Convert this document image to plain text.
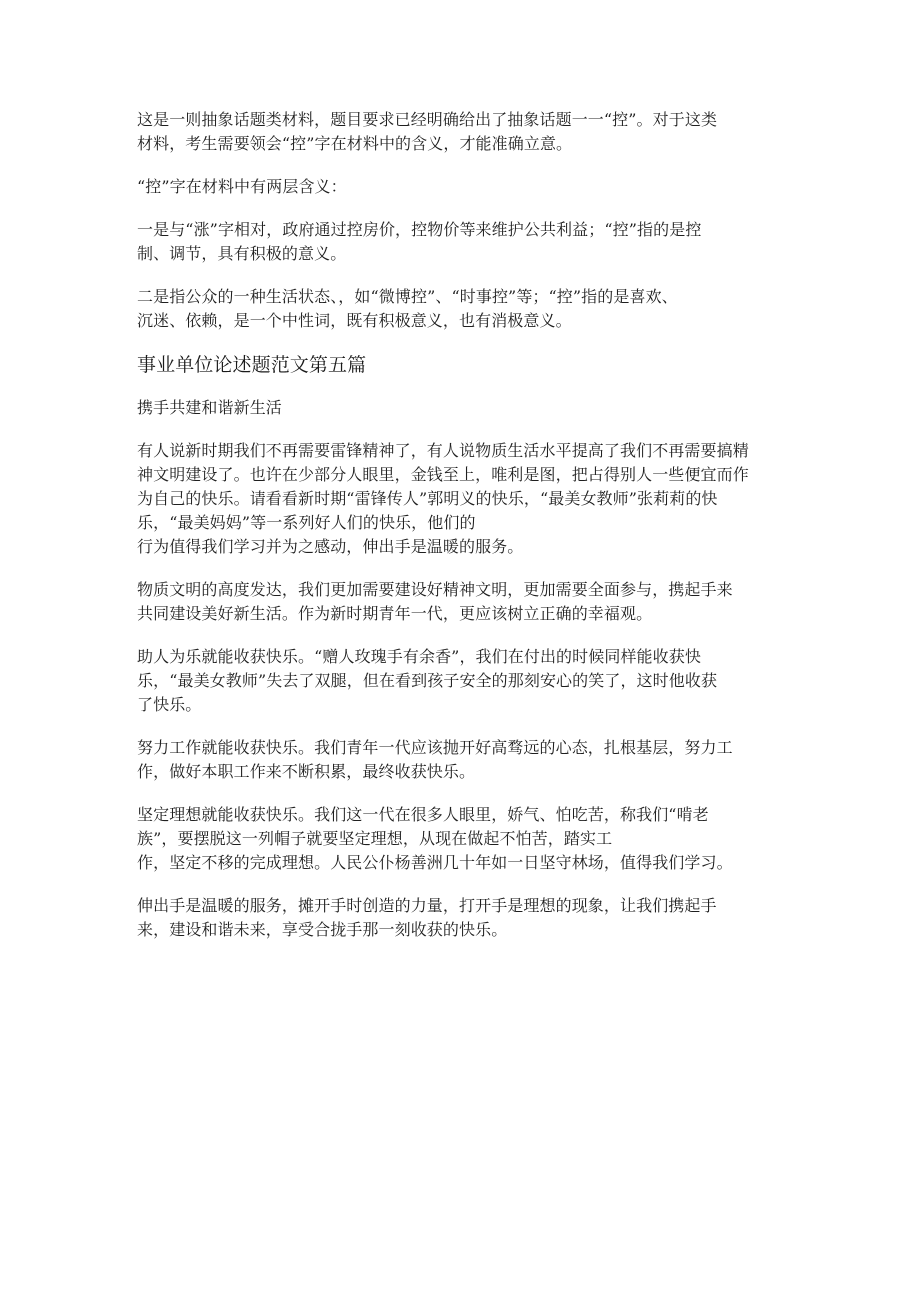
这是一则抽象话题类材料，题目要求已经明确给出了抽象话题一一“控”。对于这类
材料，考生需要领会“控”字在材料中的含义，才能准确立意。
“控”字在材料中有两层含义：
一是与“涨”字相对，政府通过控房价，控物价等来维护公共利益；“控”指的是控
制、调节，具有积极的意义。
二是指公众的一种生活状态、，如“微博控”、“时事控”等；“控”指的是喜欢、
沉迷、依赖，是一个中性词，既有积极意义，也有消极意义。
事业单位论述题范文第五篇
携手共建和谐新生活
有人说新时期我们不再需要雷锋精神了，有人说物质生活水平提高了我们不再需要搞精
神文明建设了。也许在少部分人眼里，金钱至上，唯利是图，把占得别人一些便宜而作
为自己的快乐。请看看新时期“雷锋传人”郭明义的快乐，“最美女教师”张莉莉的快
乐，“最美妈妈”等一系列好人们的快乐，他们的
行为值得我们学习并为之感动，伸出手是温暖的服务。
物质文明的高度发达，我们更加需要建设好精神文明，更加需要全面参与，携起手来
共同建设美好新生活。作为新时期青年一代，更应该树立正确的幸福观。
助人为乐就能收获快乐。“赠人玫瑰手有余香”，我们在付出的时候同样能收获快
乐，“最美女教师”失去了双腿，但在看到孩子安全的那刻安心的笑了，这时他收获
了快乐。
努力工作就能收获快乐。我们青年一代应该抛开好高骛远的心态，扎根基层，努力工
作，做好本职工作来不断积累，最终收获快乐。
坚定理想就能收获快乐。我们这一代在很多人眼里，娇气、怕吃苦，称我们“啃老
族”，要摆脱这一列帽子就要坚定理想，从现在做起不怕苦，踏实工
作，坚定不移的完成理想。人民公仆杨善洲几十年如一日坚守林场，值得我们学习。
伸出手是温暖的服务，摊开手时创造的力量，打开手是理想的现象，让我们携起手
来，建设和谐未来，享受合拢手那一刻收获的快乐。
